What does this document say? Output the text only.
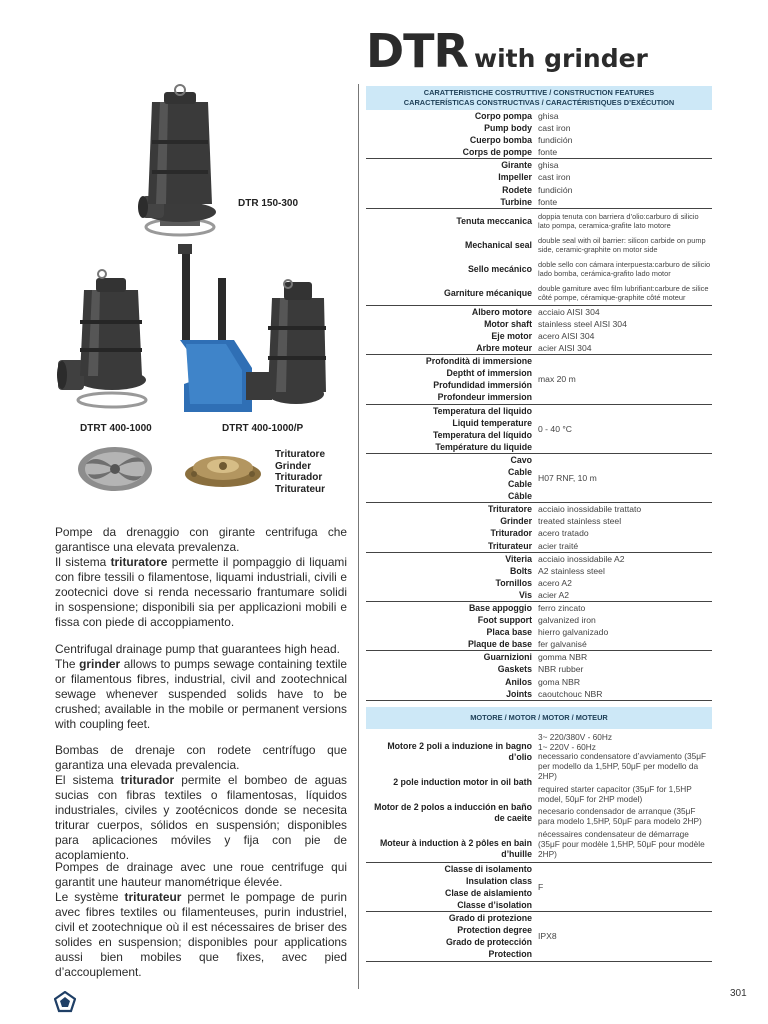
DTR with grinder
DTR 150-300
DTRT 400-1000	DTRT 400-1000/P
Trituratore
Grinder
Triturador
Triturateur
Pompe da drenaggio con girante centrifuga che garantisce una elevata prevalenza.
Il sistema trituratore permette il pompaggio di liquami con fibre tessili o filamentose, liquami industriali, civili e zootecnici dove si renda necessario frantumare solidi in sospensione; disponibili sia per applicazioni mobili e fissa con piede di accoppiamento.
Centrifugal drainage pump that guarantees high head.
The grinder allows to pumps sewage containing textile or filamentous fibres, industrial, civil and zootechnical sewage whenever suspended solids have to be crushed; available in the mobile or permanent versions with coupling feet.
Bombas de drenaje con rodete centrífugo que garantiza una elevada prevalencia.
El sistema triturador permite el bombeo de aguas sucias con fibras textiles o filamentosas, líquidos industriales, civiles y zootécnicos donde se necesita triturar cuerpos, sólidos en suspensión; disponibles para aplicaciones móviles y fija con pie de acoplamiento.
Pompes de drainage avec une roue centrifuge qui garantit une hauteur manométrique élevée.
Le système triturateur permet le pompage de purin avec fibres textiles ou filamenteuses, purin industriel, civil et zootechnique où il est nécessaires de briser des solides en suspension; disponibles pour applications aussi bien mobiles que fixes, avec pied d’accouplement.
CARATTERISTICHE COSTRUTTIVE / CONSTRUCTION FEATURES
CARACTERÍSTICAS CONSTRUCTIVAS / CARACTÉRISTIQUES D’EXÉCUTION
Corpo pompa ghisa
Pump body cast iron
Cuerpo bomba fundición
Corps de pompe fonte
Girante ghisa
Impeller cast iron
Rodete fundición
Turbine fonte
Tenuta meccanica doppia tenuta con barriera d’olio:carburo di silicio lato pompa, ceramica-grafite lato motore
Mechanical seal double seal with oil barrier: silicon carbide on pump side, ceramic-graphite on motor side
Sello mecánico doble sello con cámara interpuesta:carburo de silicio lado bomba, cerámica-grafito lado motor
Garniture mécanique double garniture avec film lubrifiant:carbure de silice côté pompe, céramique-graphite côté moteur
Albero motore acciaio AISI 304
Motor shaft stainless steel AISI 304
Eje motor acero AISI 304
Arbre moteur acier AISI 304
Profondità di immersione
Deptht of immersion
Profundidad immersión
Profondeur immersion
max 20 m
Temperatura del liquido
Liquid temperature
Temperatura del líquido
Température du liquide
0 - 40 °C
Cavo
Cable
Cable
Câble
H07 RNF, 10 m
Trituratore acciaio inossidabile trattato
Grinder treated stainless steel
Triturador acero tratado
Triturateur acier traité
Viteria acciaio inossidabile A2
Bolts A2 stainless steel
Tornillos acero A2
Vis acier A2
Base appoggio ferro zincato
Foot support galvanized iron
Placa base hierro galvanizado
Plaque de base fer galvanisé
Guarnizioni gomma NBR
Gaskets NBR rubber
Anilos goma NBR
Joints caoutchouc NBR
MOTORE / MOTOR / MOTOR / MOTEUR
Motore 2 poli a induzione in bagno d’olio
2 pole induction motor in oil bath
Motor de 2 polos a inducción en baño de caeite
Moteur à induction à 2 pôles en bain d’huille
3~ 220/380V - 60Hz
1~ 220V - 60Hz
necessario condensatore d’avviamento (35μF per modello da 1,5HP, 50μF per modello da 2HP)
required starter capacitor (35μF for 1,5HP model, 50μF for 2HP model)
necesario condensador de arranque (35μF para modelo 1,5HP, 50μF para modelo 2HP)
nécessaires condensateur de démarrage (35μF pour modèle 1,5HP, 50μF pour modèle 2HP)
Classe di isolamento
Insulation class
Clase de aislamiento
Classe d’isolation
F
Grado di protezione
Protection degree
Grado de protección
Protection
IPX8
301
